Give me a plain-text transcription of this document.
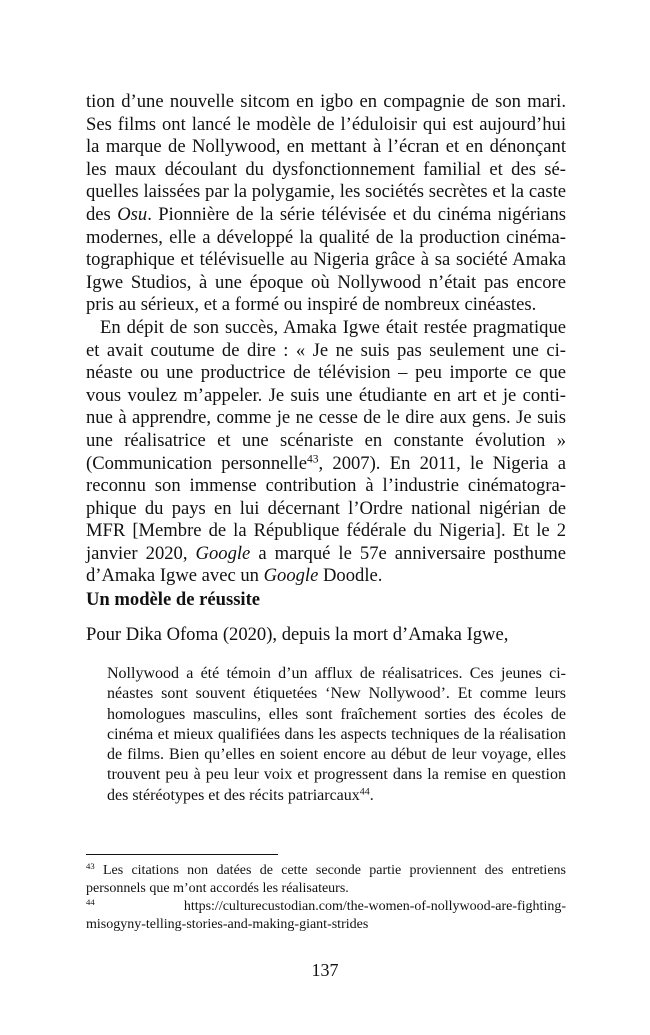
tion d’une nouvelle sitcom en igbo en compagnie de son mari. Ses films ont lancé le modèle de l’éduloisir qui est aujourd’hui la marque de Nollywood, en mettant à l’écran et en dénonçant les maux découlant du dysfonctionnement familial et des séquelles laissées par la polygamie, les sociétés secrètes et la caste des Osu. Pionnière de la série télévisée et du cinéma nigérians modernes, elle a développé la qualité de la production cinématographique et télévisuelle au Nigeria grâce à sa société Amaka Igwe Studios, à une époque où Nollywood n’était pas encore pris au sérieux, et a formé ou inspiré de nombreux cinéastes.

En dépit de son succès, Amaka Igwe était restée pragmatique et avait coutume de dire : « Je ne suis pas seulement une cinéaste ou une productrice de télévision – peu importe ce que vous voulez m’appeler. Je suis une étudiante en art et je continue à apprendre, comme je ne cesse de le dire aux gens. Je suis une réalisatrice et une scénariste en constante évolution » (Communication personnelle$^{43}$, 2007). En 2011, le Nigeria a reconnu son immense contribution à l’industrie cinématographique du pays en lui décernant l’Ordre national nigérian de MFR [Membre de la République fédérale du Nigeria]. Et le 2 janvier 2020, Google a marqué le 57e anniversaire posthume d’Amaka Igwe avec un Google Doodle.

Un modèle de réussite
Pour Dika Ofoma (2020), depuis la mort d’Amaka Igwe,

Nollywood a été témoin d’un afflux de réalisatrices. Ces jeunes cinéastes sont souvent étiquetées ‘New Nollywood’. Et comme leurs homologues masculins, elles sont fraîchement sorties des écoles de cinéma et mieux qualifiées dans les aspects techniques de la réalisation de films. Bien qu’elles en soient encore au début de leur voyage, elles trouvent peu à peu leur voix et progressent dans la remise en question des stéréotypes et des récits patriarcaux$^{44}$.

$^{43}$ Les citations non datées de cette seconde partie proviennent des entretiens personnels que m’ont accordés les réalisateurs.

$^{44}$	https://culturecustodian.com/the-women-of-nollywood-are-fighting-

misogyny-telling-stories-and-making-giant-strides

137
